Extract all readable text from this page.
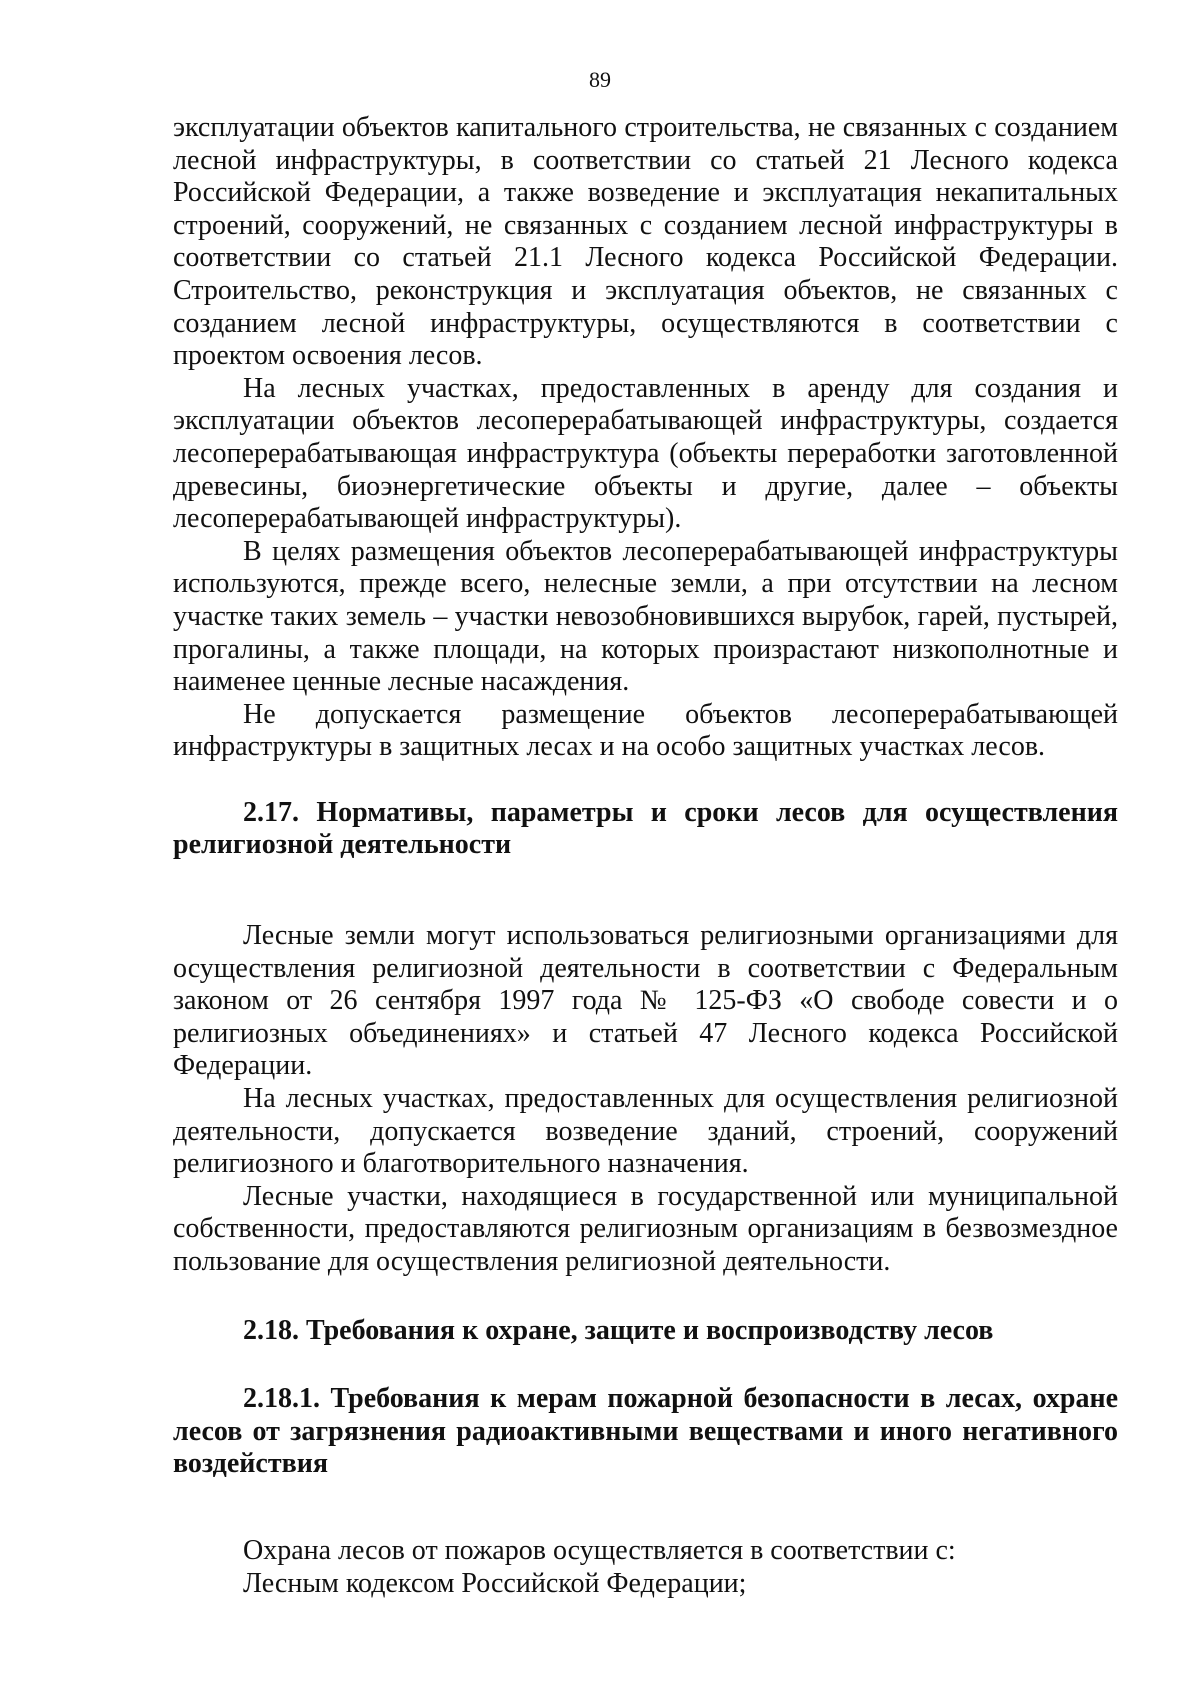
89

эксплуатации объектов капитального строительства, не связанных с созданием лесной инфраструктуры, в соответствии со статьей 21 Лесного кодекса Российской Федерации, а также возведение и эксплуатация некапитальных строений, сооружений, не связанных с созданием лесной инфраструктуры в соответствии со статьей 21.1 Лесного кодекса Российской Федерации. Строительство, реконструкция и эксплуатация объектов, не связанных с созданием лесной инфраструктуры, осуществляются в соответствии с проектом освоения лесов.

На лесных участках, предоставленных в аренду для создания и эксплуатации объектов лесоперерабатывающей инфраструктуры, создается лесоперерабатывающая инфраструктура (объекты переработки заготовленной древесины, биоэнергетические объекты и другие, далее – объекты лесоперерабатывающей инфраструктуры).

В целях размещения объектов лесоперерабатывающей инфраструктуры используются, прежде всего, нелесные земли, а при отсутствии на лесном участке таких земель – участки невозобновившихся вырубок, гарей, пустырей, прогалины, а также площади, на которых произрастают низкополнотные и наименее ценные лесные насаждения.

Не допускается размещение объектов лесоперерабатывающей инфраструктуры в защитных лесах и на особо защитных участках лесов.

2.17. Нормативы, параметры и сроки лесов для осуществления религиозной деятельности

Лесные земли могут использоваться религиозными организациями для осуществления религиозной деятельности в соответствии с Федеральным законом от 26 сентября 1997 года № 125-ФЗ «О свободе совести и о религиозных объединениях» и статьей 47 Лесного кодекса Российской Федерации.

На лесных участках, предоставленных для осуществления религиозной деятельности, допускается возведение зданий, строений, сооружений религиозного и благотворительного назначения.

Лесные участки, находящиеся в государственной или муниципальной собственности, предоставляются религиозным организациям в безвозмездное пользование для осуществления религиозной деятельности.

2.18. Требования к охране, защите и воспроизводству лесов
2.18.1. Требования к мерам пожарной безопасности в лесах, охране лесов от загрязнения радиоактивными веществами и иного негативного воздействия

Охрана лесов от пожаров осуществляется в соответствии с:

Лесным кодексом Российской Федерации;
